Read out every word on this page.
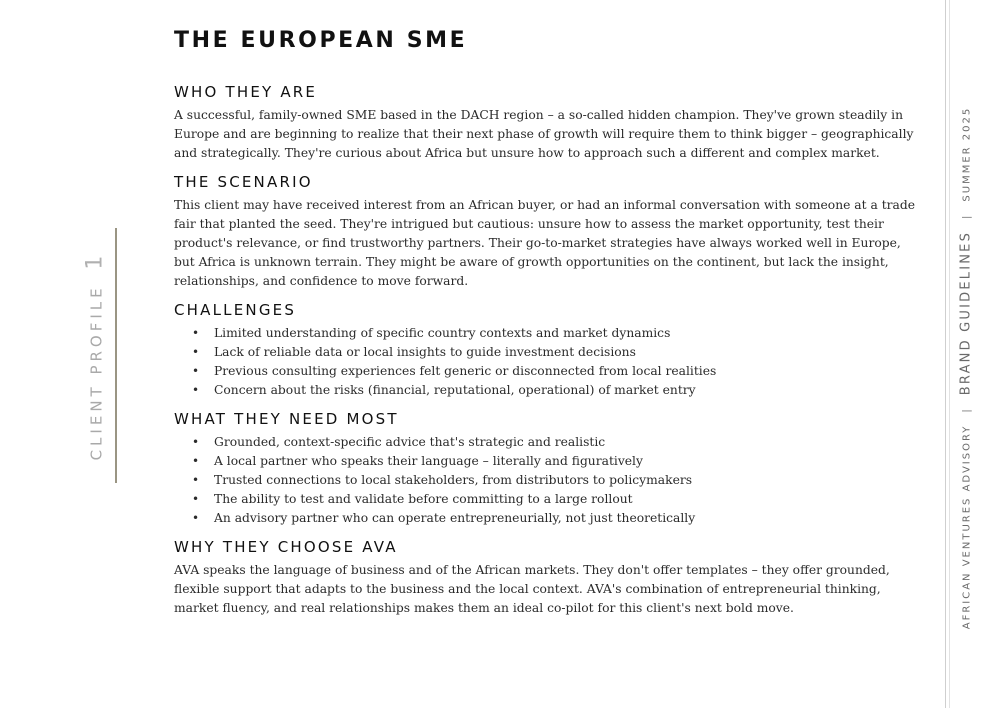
AFRICAN VENTURES ADVISORY|BRAND GUIDELINES|SUMMER 2025
CLIENT PROFILE 1
THE EUROPEAN SME
WHO THEY ARE

A successful, family-owned SME based in the DACH region – a so-called hidden champion. They've grown steadily in Europe and are beginning to realize that their next phase of growth will require them to think bigger – geographically and strategically. They're curious about Africa but unsure how to approach such a different and complex market.

THE SCENARIO

This client may have received interest from an African buyer, or had an informal conversation with someone at a trade fair that planted the seed. They're intrigued but cautious: unsure how to assess the market opportunity, test their product's relevance, or find trustworthy partners. Their go-to-market strategies have always worked well in Europe, but Africa is unknown terrain. They might be aware of growth opportunities on the continent, but lack the insight, relationships, and confidence to move forward.

CHALLENGES
• Limited understanding of specific country contexts and market dynamics
• Lack of reliable data or local insights to guide investment decisions
• Previous consulting experiences felt generic or disconnected from local realities
• Concern about the risks (financial, reputational, operational) of market entry
WHAT THEY NEED MOST
• Grounded, context-specific advice that's strategic and realistic
• A local partner who speaks their language – literally and figuratively
• Trusted connections to local stakeholders, from distributors to policymakers
• The ability to test and validate before committing to a large rollout
• An advisory partner who can operate entrepreneurially, not just theoretically
WHY THEY CHOOSE AVA

AVA speaks the language of business and of the African markets. They don't offer templates – they offer grounded, flexible support that adapts to the business and the local context. AVA's combination of entrepreneurial thinking, market fluency, and real relationships makes them an ideal co-pilot for this client's next bold move.
